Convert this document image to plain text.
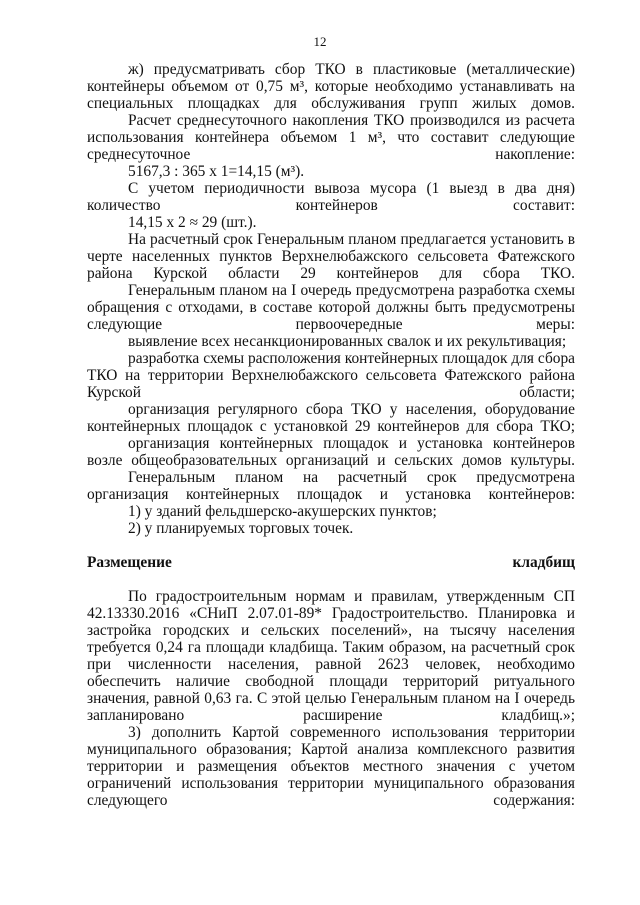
12
ж) предусматривать сбор ТКО в пластиковые (металлические) контейнеры объемом от 0,75 м³, которые необходимо устанавливать на специальных площадках для обслуживания групп жилых домов.
Расчет среднесуточного накопления ТКО производился из расчета использования контейнера объемом 1 м³, что составит следующие среднесуточное накопление:
5167,3 : 365 х 1=14,15 (м³).
С учетом периодичности вывоза мусора (1 выезд в два дня) количество контейнеров составит:
14,15 х 2 ≈ 29 (шт.).
На расчетный срок Генеральным планом предлагается установить в черте населенных пунктов Верхнелюбажского сельсовета Фатежского района Курской области 29 контейнеров для сбора ТКО.
Генеральным планом на I очередь предусмотрена разработка схемы обращения с отходами, в составе которой должны быть предусмотрены следующие первоочередные меры:
выявление всех несанкционированных свалок и их рекультивация;
разработка схемы расположения контейнерных площадок для сбора ТКО на территории Верхнелюбажского сельсовета Фатежского района Курской области;
организация регулярного сбора ТКО у населения, оборудование контейнерных площадок с установкой 29 контейнеров для сбора ТКО;
организация контейнерных площадок и установка контейнеров возле общеобразовательных организаций и сельских домов культуры.
Генеральным планом на расчетный срок предусмотрена организация контейнерных площадок и установка контейнеров:
1) у зданий фельдшерско-акушерских пунктов;
2) у планируемых торговых точек.
Размещение кладбищ
По градостроительным нормам и правилам, утвержденным СП 42.13330.2016 «СНиП 2.07.01-89* Градостроительство. Планировка и застройка городских и сельских поселений», на тысячу населения требуется 0,24 га площади кладбища. Таким образом, на расчетный срок при численности населения, равной 2623 человек, необходимо обеспечить наличие свободной площади территорий ритуального значения, равной 0,63 га. С этой целью Генеральным планом на I очередь запланировано расширение кладбищ.»;
3) дополнить Картой современного использования территории муниципального образования; Картой анализа комплексного развития территории и размещения объектов местного значения с учетом ограничений использования территории муниципального образования следующего содержания:
